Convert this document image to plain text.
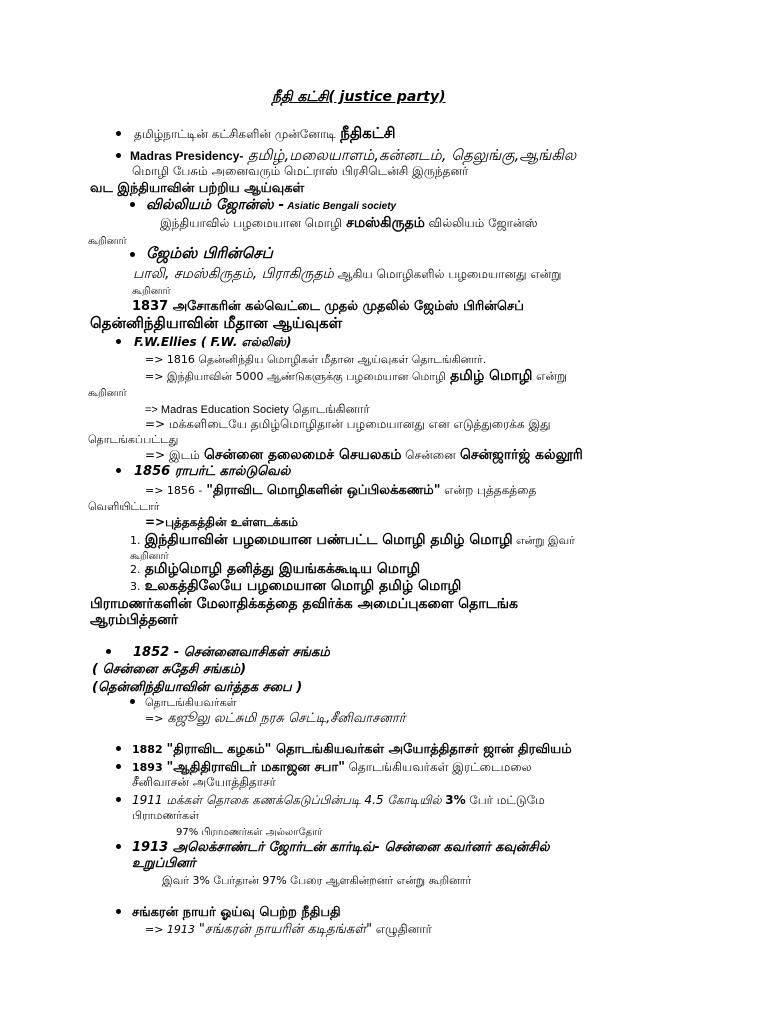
நீதி கட்சி( justice party)
தமிழ்நாட்டின் கட்சிகளின் முன்னோடி நீதிகட்சி
Madras Presidency- தமிழ்,மலையாளம்,கன்னடம், தெலுங்கு,ஆங்கில
மொழி பேசும் அனைவரும் மெட்ராஸ் பிரசிடென்சி இருந்தனர்
வட இந்தியாவின் பற்றிய ஆய்வுகள்
வில்லியம் ஜோன்ஸ் - Asiatic Bengali society
இந்தியாவில் பழமையான மொழி சமஸ்கிருதம் வில்லியம் ஜோன்ஸ்
கூறினார்
ஜேம்ஸ் பிரின்செப்
பாலி, சமஸ்கிருதம், பிராகிருதம் ஆகிய மொழிகளில் பழமையானது என்று
கூறினார்
1837 அசோகரின் கல்வெட்டை முதல் முதலில் ஜேம்ஸ் பிரின்செப்
தென்னிந்தியாவின் மீதான ஆய்வுகள்
F.W.Ellies ( F.W. எல்லிஸ்)
=> 1816 தென்னிந்திய மொழிகள் மீதான ஆய்வுகள் தொடங்கினார்.
=> இந்தியாவின் 5000 ஆண்டுகளுக்கு பழமையான மொழி தமிழ் மொழி என்று
கூறினார்
=> Madras Education Society தொடங்கினார்
=> மக்களிடையே தமிழ்மொழிதான் பழமையானது என எடுத்துரைக்க இது
தொடங்கப்பட்டது
=> இடம் சென்னை தலைமைச் செயலகம் சென்னை சென்ஜார்ஜ் கல்லூரி
1856 ராபர்ட் கால்டுவெல்
=> 1856 - "திராவிட மொழிகளின் ஒப்பிலக்கணம்" என்ற புத்தகத்தை
வெளியிட்டார்
=>புத்தகத்தின் உள்ளடக்கம்
1. இந்தியாவின் பழமையான பண்பட்ட மொழி தமிழ் மொழி என்று இவர்
கூறினார்
2. தமிழ்மொழி தனித்து இயங்கக்கூடிய மொழி
3. உலகத்திலேயே பழமையான மொழி தமிழ் மொழி
பிராமணர்களின் மேலாதிக்கத்தை தவிர்க்க அமைப்புகளை தொடங்க
ஆரம்பித்தனர்
1852 - சென்னைவாசிகள் சங்கம்
( சென்னை சுதேசி சங்கம்)
(தென்னிந்தியாவின் வர்த்தக சபை )
தொடங்கியவர்கள்
=> கஜூலு லட்சுமி நரசு செட்டி,சீனிவாசனார்
1882 "திராவிட கழகம்" தொடங்கியவர்கள் அயோத்திதாசர் ஜான் திரவியம்
1893 "ஆதிதிராவிடர் மகாஜன சபா" தொடங்கியவர்கள் இரட்டைமலை
சீனிவாசன் அயோத்திதாசர்
1911 மக்கள் தொகை கணக்கெடுப்பின்படி 4.5 கோடியில் 3% பேர் மட்டுமே
பிராமணர்கள்
97% பிராமணர்கள் அல்லாதோர்
1913 அலெக்சாண்டர் ஜோர்டன் கார்டிவ்- சென்னை கவர்னர் கவுன்சில்
உறுப்பினர்
இவர் 3% பேர்தான் 97% பேரை ஆளகின்றனர் என்று கூறினார்
சங்கரன் நாயர் ஓய்வு பெற்ற நீதிபதி
=> 1913 "சங்கரன் நாயரின் கடிதங்கள்" எழுதினார்
